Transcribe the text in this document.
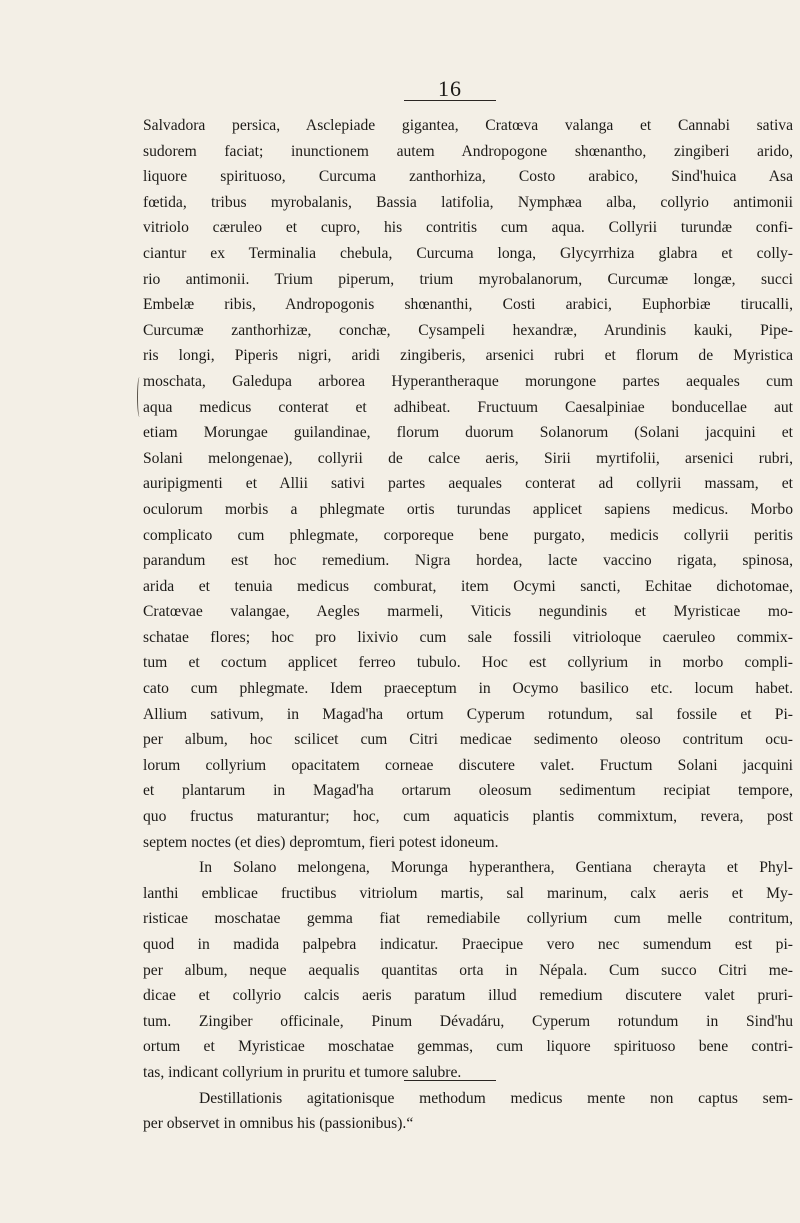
16
Salvadora persica, Asclepiade gigantea, Cratœva valanga et Cannabi sativa
sudorem faciat; inunctionem autem Andropogone shœnantho, zingiberi arido,
liquore spirituoso, Curcuma zanthorhiza, Costo arabico, Sind'huica Asa
fœtida, tribus myrobalanis, Bassia latifolia, Nymphæa alba, collyrio antimonii
vitriolo cæruleo et cupro, his contritis cum aqua. Collyrii turundæ confi-
ciantur ex Terminalia chebula, Curcuma longa, Glycyrrhiza glabra et colly-
rio antimonii. Trium piperum, trium myrobalanorum, Curcumæ longæ, succi
Embelæ ribis, Andropogonis shœnanthi, Costi arabici, Euphorbiæ tirucalli,
Curcumæ zanthorhizæ, conchæ, Cysampeli hexandræ, Arundinis kauki, Pipe-
ris longi, Piperis nigri, aridi zingiberis, arsenici rubri et florum de Myristica
moschata, Galedupa arborea Hyperantheraque morungone partes aequales cum
aqua medicus conterat et adhibeat. Fructuum Caesalpiniae bonducellae aut
etiam Morungae guilandinae, florum duorum Solanorum (Solani jacquini et
Solani melongenae), collyrii de calce aeris, Sirii myrtifolii, arsenici rubri,
auripigmenti et Allii sativi partes aequales conterat ad collyrii massam, et
oculorum morbis a phlegmate ortis turundas applicet sapiens medicus. Morbo
complicato cum phlegmate, corporeque bene purgato, medicis collyrii peritis
parandum est hoc remedium. Nigra hordea, lacte vaccino rigata, spinosa,
arida et tenuia medicus comburat, item Ocymi sancti, Echitae dichotomae,
Cratœvae valangae, Aegles marmeli, Viticis negundinis et Myristicae mo-
schatae flores; hoc pro lixivio cum sale fossili vitrioloque caeruleo commix-
tum et coctum applicet ferreo tubulo. Hoc est collyrium in morbo compli-
cato cum phlegmate. Idem praeceptum in Ocymo basilico etc. locum habet.
Allium sativum, in Magad'ha ortum Cyperum rotundum, sal fossile et Pi-
per album, hoc scilicet cum Citri medicae sedimento oleoso contritum ocu-
lorum collyrium opacitatem corneae discutere valet. Fructum Solani jacquini
et plantarum in Magad'ha ortarum oleosum sedimentum recipiat tempore,
quo fructus maturantur; hoc, cum aquaticis plantis commixtum, revera, post
septem noctes (et dies) depromtum, fieri potest idoneum.
In Solano melongena, Morunga hyperanthera, Gentiana cherayta et Phyl-
lanthi emblicae fructibus vitriolum martis, sal marinum, calx aeris et My-
risticae moschatae gemma fiat remediabile collyrium cum melle contritum,
quod in madida palpebra indicatur. Praecipue vero nec sumendum est pi-
per album, neque aequalis quantitas orta in Népala. Cum succo Citri me-
dicae et collyrio calcis aeris paratum illud remedium discutere valet pruri-
tum. Zingiber officinale, Pinum Dévadáru, Cyperum rotundum in Sind'hu
ortum et Myristicae moschatae gemmas, cum liquore spirituoso bene contri-
tas, indicant collyrium in pruritu et tumore salubre.
Destillationis agitationisque methodum medicus mente non captus sem-
per observet in omnibus his (passionibus).“
